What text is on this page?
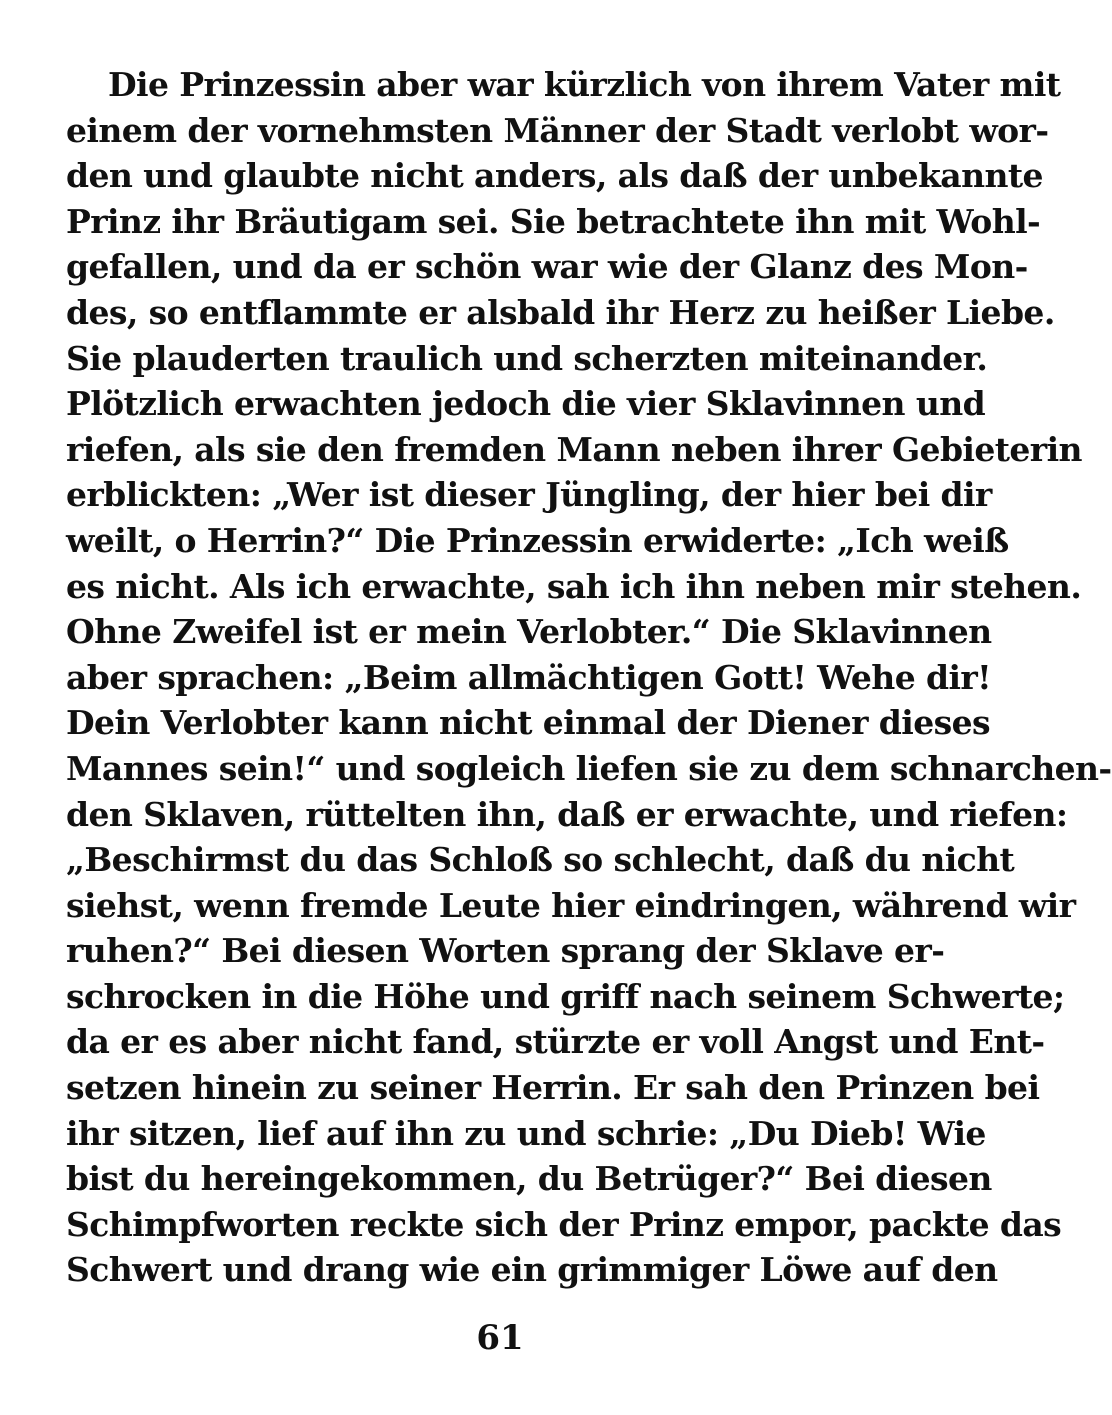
Die Prinzessin aber war kürzlich von ihrem Vater mit
einem der vornehmsten Männer der Stadt verlobt wor-
den und glaubte nicht anders, als daß der unbekannte
Prinz ihr Bräutigam sei. Sie betrachtete ihn mit Wohl-
gefallen, und da er schön war wie der Glanz des Mon-
des, so entflammte er alsbald ihr Herz zu heißer Liebe.
Sie plauderten traulich und scherzten miteinander.
Plötzlich erwachten jedoch die vier Sklavinnen und
riefen, als sie den fremden Mann neben ihrer Gebieterin
erblickten: „Wer ist dieser Jüngling, der hier bei dir
weilt, o Herrin?“ Die Prinzessin erwiderte: „Ich weiß
es nicht. Als ich erwachte, sah ich ihn neben mir stehen.
Ohne Zweifel ist er mein Verlobter.“ Die Sklavinnen
aber sprachen: „Beim allmächtigen Gott! Wehe dir!
Dein Verlobter kann nicht einmal der Diener dieses
Mannes sein!“ und sogleich liefen sie zu dem schnarchen-
den Sklaven, rüttelten ihn, daß er erwachte, und riefen:
„Beschirmst du das Schloß so schlecht, daß du nicht
siehst, wenn fremde Leute hier eindringen, während wir
ruhen?“ Bei diesen Worten sprang der Sklave er-
schrocken in die Höhe und griff nach seinem Schwerte;
da er es aber nicht fand, stürzte er voll Angst und Ent-
setzen hinein zu seiner Herrin. Er sah den Prinzen bei
ihr sitzen, lief auf ihn zu und schrie: „Du Dieb! Wie
bist du hereingekommen, du Betrüger?“ Bei diesen
Schimpfworten reckte sich der Prinz empor, packte das
Schwert und drang wie ein grimmiger Löwe auf den
61
